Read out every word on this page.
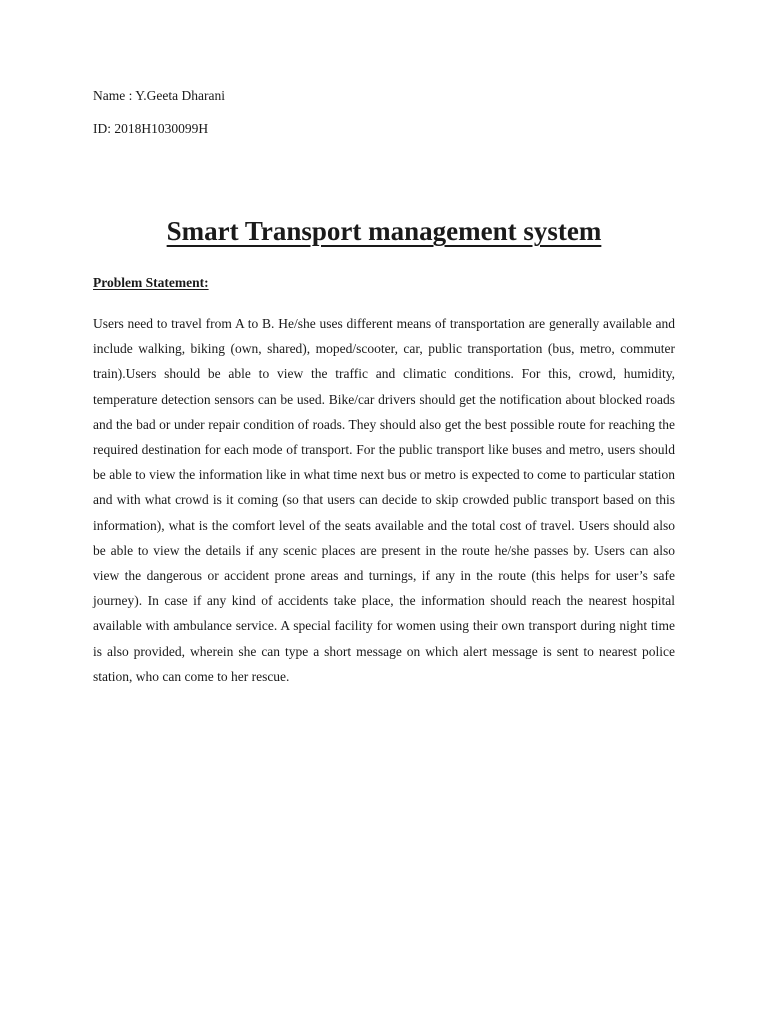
Name : Y.Geeta Dharani
ID: 2018H1030099H
Smart Transport management system
Problem Statement:

Users need to travel from A to B. He/she uses different means of transportation are generally available and include walking, biking (own, shared), moped/scooter, car, public transportation (bus, metro, commuter train).Users should be able to view the traffic and climatic conditions. For this, crowd, humidity, temperature detection sensors can be used. Bike/car drivers should get the notification about blocked roads and the bad or under repair condition of roads. They should also get the best possible route for reaching the required destination for each mode of transport. For the public transport like buses and metro, users should be able to view the information like in what time next bus or metro is expected to come to particular station and with what crowd is it coming (so that users can decide to skip crowded public transport based on this information), what is the comfort level of the seats available and the total cost of travel. Users should also be able to view the details if any scenic places are present in the route he/she passes by. Users can also view the dangerous or accident prone areas and turnings, if any in the route (this helps for user’s safe journey). In case if any kind of accidents take place, the information should reach the nearest hospital available with ambulance service. A special facility for women using their own transport during night time is also provided, wherein she can type a short message on which alert message is sent to nearest police station, who can come to her rescue.
